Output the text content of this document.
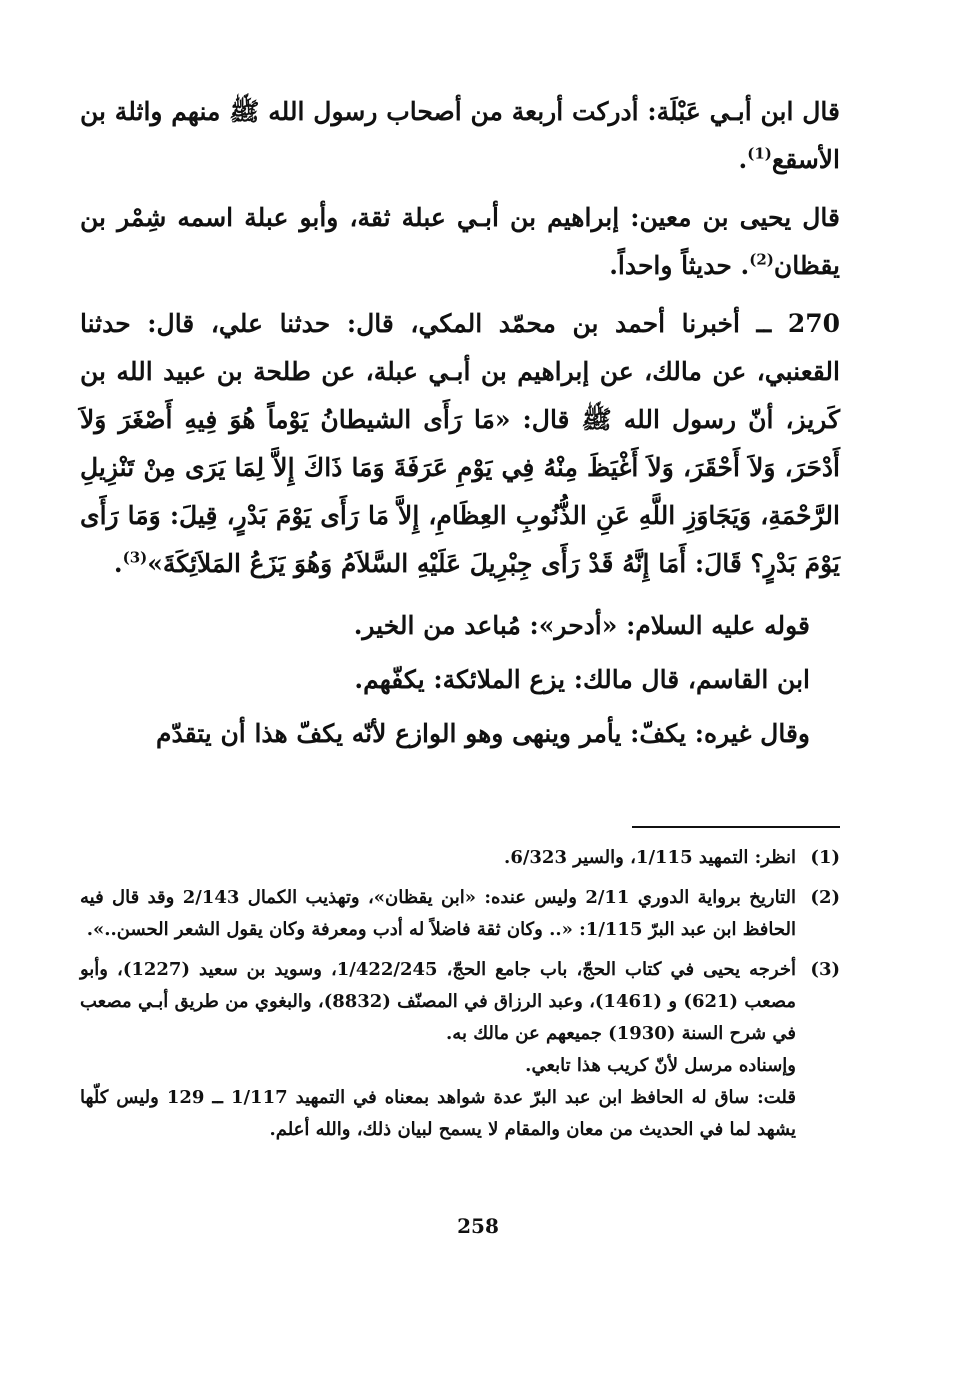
قال ابن أبـي عَبْلَة: أدركت أربعة من أصحاب رسول الله ﷺ منهم واثلة بن الأسقع$^{(1)}$.

قال يحيى بن معين: إبراهيم بن أبـي عبلة ثقة، وأبو عبلة اسمه شِمْر بن يقظان$^{(2)}$. حديثاً واحداً.

270 ــ أخبرنا أحمد بن محمّد المكي، قال: حدثنا علي، قال: حدثنا القعنبي، عن مالك، عن إبراهيم بن أبـي عبلة، عن طلحة بن عبيد الله بن كَريز، أنّ رسول الله ﷺ قال: «مَا رَأَى الشيطانُ يَوْماً هُوَ فِيهِ أَصْغَرَ وَلاَ أَدْحَرَ، وَلاَ أَحْقَرَ، وَلاَ أَغْيَظَ مِنْهُ فِي يَوْمِ عَرَفَةَ وَمَا ذَاكَ إِلاَّ لِمَا يَرَى مِنْ تَنْزِيلِ الرَّحْمَةِ، وَيَجَاوَزِ اللَّهِ عَنِ الذُّنُوبِ العِظَامِ، إِلاَّ مَا رَأَى يَوْمَ بَدْرٍ، قِيلَ: وَمَا رَأَى يَوْمَ بَدْرٍ؟ قَالَ: أَمَا إِنَّهُ قَدْ رَأَى جِبْرِيلَ عَلَيْهِ السَّلاَمُ وَهُوَ يَزَعُ المَلاَئِكَةَ»$^{(3)}$.

قوله عليه السلام: «أدحر»: مُباعد من الخير.

ابن القاسم، قال مالك: يزع الملائكة: يكفّهم.

وقال غيره: يكفّ: يأمر وينهى وهو الوازع لأنّه يكفّ هذا أن يتقدّم

(1)
انظر: التمهيد 1/115، والسير 6/323.
(2)
التاريخ برواية الدوري 2/11 وليس عنده: «ابن يقظان»، وتهذيب الكمال 2/143 وقد قال فيه الحافظ ابن عبد البرّ 1/115: «.. وكان ثقة فاضلاً له أدب ومعرفة وكان يقول الشعر الحسن..».
(3)

أخرجه يحيى في كتاب الحجّ، باب جامع الحجّ، 1/422/245، وسويد بن سعيد (1227)، وأبو مصعب (621) و (1461)، وعبد الرزاق في المصنّف (8832)، والبغوي من طريق أبـي مصعب في شرح السنة (1930) جميعهم عن مالك به.

وإسناده مرسل لأنّ كريب هذا تابعي.

قلت: ساق له الحافظ ابن عبد البرّ عدة شواهد بمعناه في التمهيد 1/117 ــ 129 وليس كلّها يشهد لما في الحديث من معان والمقام لا يسمح لبيان ذلك، والله أعلم.

258
